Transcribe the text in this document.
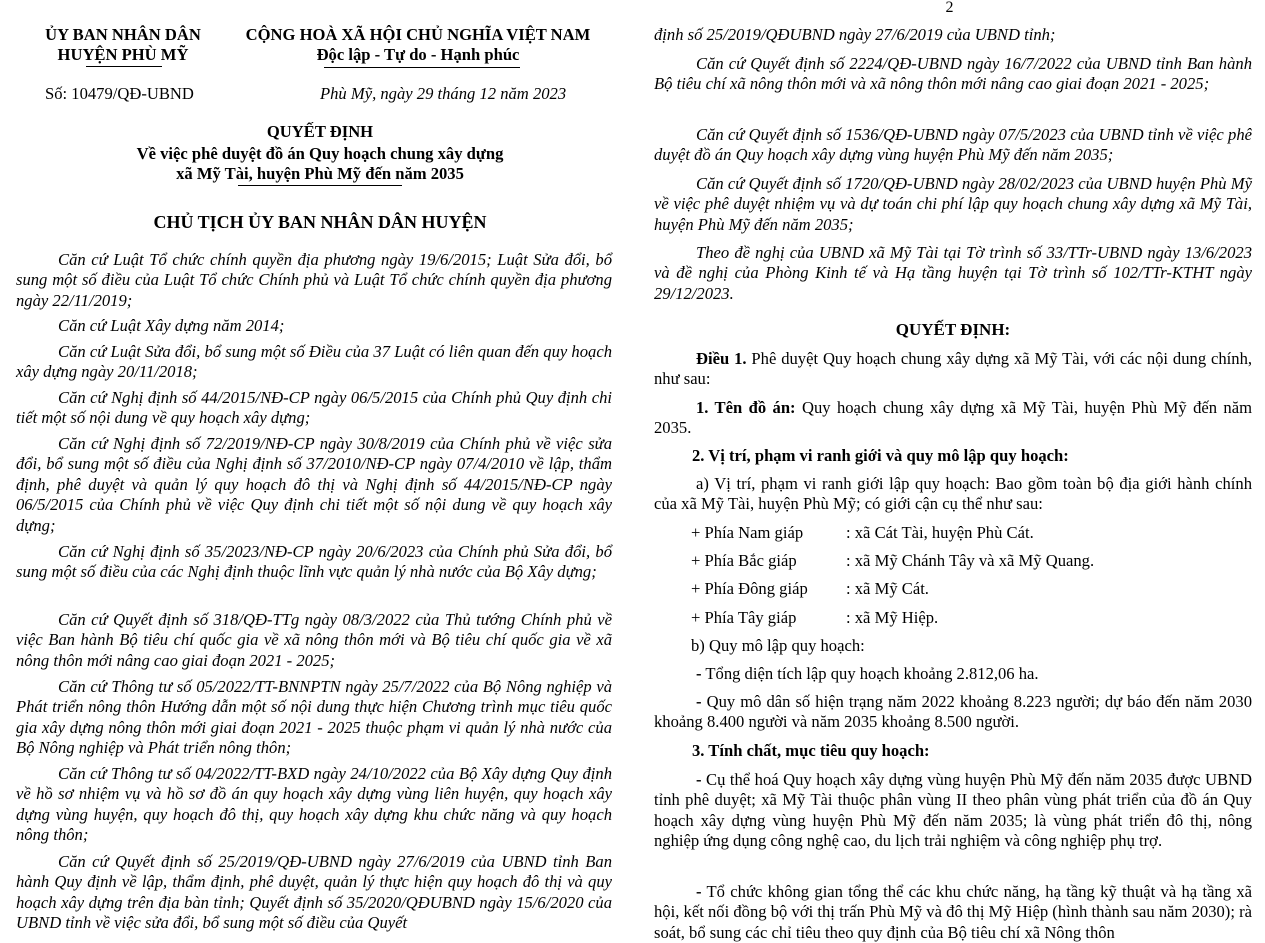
ỦY BAN NHÂN DÂN
HUYỆN PHÙ MỸ
CỘNG HOÀ XÃ HỘI CHỦ NGHĨA VIỆT NAM
Độc lập - Tự do - Hạnh phúc
Số: 10479/QĐ-UBND	Phù Mỹ, ngày 29 tháng 12 năm 2023
QUYẾT ĐỊNH
Về việc phê duyệt đồ án Quy hoạch chung xây dựng
xã Mỹ Tài, huyện Phù Mỹ đến năm 2035
CHỦ TỊCH ỦY BAN NHÂN DÂN HUYỆN

Căn cứ Luật Tổ chức chính quyền địa phương ngày 19/6/2015; Luật Sửa đổi, bổ sung một số điều của Luật Tổ chức Chính phủ và Luật Tổ chức chính quyền địa phương ngày 22/11/2019;

Căn cứ Luật Xây dựng năm 2014;

Căn cứ Luật Sửa đổi, bổ sung một số Điều của 37 Luật có liên quan đến quy hoạch xây dựng ngày 20/11/2018;

Căn cứ Nghị định số 44/2015/NĐ-CP ngày 06/5/2015 của Chính phủ Quy định chi tiết một số nội dung về quy hoạch xây dựng;

Căn cứ Nghị định số 72/2019/NĐ-CP ngày 30/8/2019 của Chính phủ về việc sửa đổi, bổ sung một số điều của Nghị định số 37/2010/NĐ-CP ngày 07/4/2010 về lập, thẩm định, phê duyệt và quản lý quy hoạch đô thị và Nghị định số 44/2015/NĐ-CP ngày 06/5/2015 của Chính phủ về việc Quy định chi tiết một số nội dung về quy hoạch xây dựng;

Căn cứ Nghị định số 35/2023/NĐ-CP ngày 20/6/2023 của Chính phủ Sửa đổi, bổ sung một số điều của các Nghị định thuộc lĩnh vực quản lý nhà nước của Bộ Xây dựng;

Căn cứ Quyết định số 318/QĐ-TTg ngày 08/3/2022 của Thủ tướng Chính phủ về việc Ban hành Bộ tiêu chí quốc gia về xã nông thôn mới và Bộ tiêu chí quốc gia về xã nông thôn mới nâng cao giai đoạn 2021 - 2025;

Căn cứ Thông tư số 05/2022/TT-BNNPTN ngày 25/7/2022 của Bộ Nông nghiệp và Phát triển nông thôn Hướng dẫn một số nội dung thực hiện Chương trình mục tiêu quốc gia xây dựng nông thôn mới giai đoạn 2021 - 2025 thuộc phạm vi quản lý nhà nước của Bộ Nông nghiệp và Phát triển nông thôn;

Căn cứ Thông tư số 04/2022/TT-BXD ngày 24/10/2022 của Bộ Xây dựng Quy định về hồ sơ nhiệm vụ và hồ sơ đồ án quy hoạch xây dựng vùng liên huyện, quy hoạch xây dựng vùng huyện, quy hoạch đô thị, quy hoạch xây dựng khu chức năng và quy hoạch nông thôn;

Căn cứ Quyết định số 25/2019/QĐ-UBND ngày 27/6/2019 của UBND tỉnh Ban hành Quy định về lập, thẩm định, phê duyệt, quản lý thực hiện quy hoạch đô thị và quy hoạch xây dựng trên địa bàn tỉnh; Quyết định số 35/2020/QĐUBND ngày 15/6/2020 của UBND tỉnh về việc sửa đổi, bổ sung một số điều của Quyết

2

định số 25/2019/QĐUBND ngày 27/6/2019 của UBND tỉnh;

Căn cứ Quyết định số 2224/QĐ-UBND ngày 16/7/2022 của UBND tỉnh Ban hành Bộ tiêu chí xã nông thôn mới và xã nông thôn mới nâng cao giai đoạn 2021 - 2025;

Căn cứ Quyết định số 1536/QĐ-UBND ngày 07/5/2023 của UBND tỉnh về việc phê duyệt đồ án Quy hoạch xây dựng vùng huyện Phù Mỹ đến năm 2035;

Căn cứ Quyết định số 1720/QĐ-UBND ngày 28/02/2023 của UBND huyện Phù Mỹ về việc phê duyệt nhiệm vụ và dự toán chi phí lập quy hoạch chung xây dựng xã Mỹ Tài, huyện Phù Mỹ đến năm 2035;

Theo đề nghị của UBND xã Mỹ Tài tại Tờ trình số 33/TTr-UBND ngày 13/6/2023 và đề nghị của Phòng Kinh tế và Hạ tầng huyện tại Tờ trình số 102/TTr-KTHT ngày 29/12/2023.

QUYẾT ĐỊNH:

Điều 1. Phê duyệt Quy hoạch chung xây dựng xã Mỹ Tài, với các nội dung chính, như sau:

1. Tên đồ án: Quy hoạch chung xây dựng xã Mỹ Tài, huyện Phù Mỹ đến năm 2035.

2. Vị trí, phạm vi ranh giới và quy mô lập quy hoạch:

a) Vị trí, phạm vi ranh giới lập quy hoạch: Bao gồm toàn bộ địa giới hành chính của xã Mỹ Tài, huyện Phù Mỹ; có giới cận cụ thể như sau:

+ Phía Nam giáp	: xã Cát Tài, huyện Phù Cát.
+ Phía Bắc giáp	: xã Mỹ Chánh Tây và xã Mỹ Quang.
+ Phía Đông giáp : xã Mỹ Cát.
+ Phía Tây giáp	: xã Mỹ Hiệp.
b) Quy mô lập quy hoạch:

- Tổng diện tích lập quy hoạch khoảng 2.812,06 ha.

- Quy mô dân số hiện trạng năm 2022 khoảng 8.223 người; dự báo đến năm 2030 khoảng 8.400 người và năm 2035 khoảng 8.500 người.

3. Tính chất, mục tiêu quy hoạch:

- Cụ thể hoá Quy hoạch xây dựng vùng huyện Phù Mỹ đến năm 2035 được UBND tỉnh phê duyệt; xã Mỹ Tài thuộc phân vùng II theo phân vùng phát triển của đồ án Quy hoạch xây dựng vùng huyện Phù Mỹ đến năm 2035; là vùng phát triển đô thị, nông nghiệp ứng dụng công nghệ cao, du lịch trải nghiệm và công nghiệp phụ trợ.

- Tổ chức không gian tổng thể các khu chức năng, hạ tầng kỹ thuật và hạ tầng xã hội, kết nối đồng bộ với thị trấn Phù Mỹ và đô thị Mỹ Hiệp (hình thành sau năm 2030); rà soát, bổ sung các chỉ tiêu theo quy định của Bộ tiêu chí xã Nông thôn
